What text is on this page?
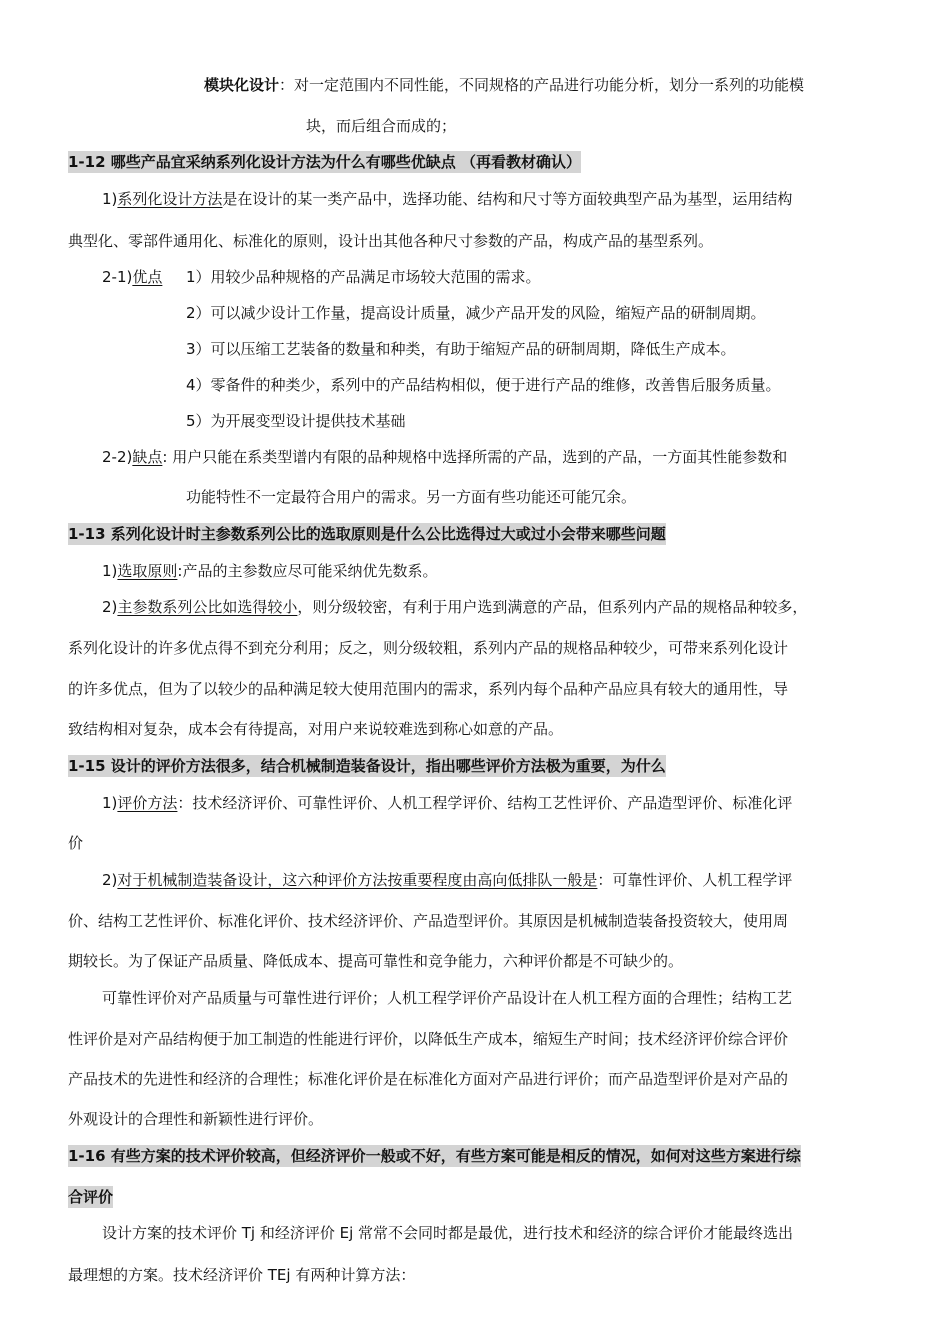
模块化设计：对一定范围内不同性能，不同规格的产品进行功能分析，划分一系列的功能模
块，而后组合而成的；
1-12 哪些产品宜采纳系列化设计方法为什么有哪些优缺点 （再看教材确认）
1)系列化设计方法是在设计的某一类产品中，选择功能、结构和尺寸等方面较典型产品为基型，运用结构
典型化、零部件通用化、标准化的原则，设计出其他各种尺寸参数的产品，构成产品的基型系列。
2-1)优点 1）用较少品种规格的产品满足市场较大范围的需求。
2）可以减少设计工作量，提高设计质量，减少产品开发的风险，缩短产品的研制周期。
3）可以压缩工艺装备的数量和种类，有助于缩短产品的研制周期，降低生产成本。
4）零备件的种类少，系列中的产品结构相似，便于进行产品的维修，改善售后服务质量。
5）为开展变型设计提供技术基础
2-2)缺点: 用户只能在系类型谱内有限的品种规格中选择所需的产品，选到的产品，一方面其性能参数和
功能特性不一定最符合用户的需求。另一方面有些功能还可能冗余。
1-13 系列化设计时主参数系列公比的选取原则是什么公比选得过大或过小会带来哪些问题
1)选取原则:产品的主参数应尽可能采纳优先数系。
2)主参数系列公比如选得较小，则分级较密，有利于用户选到满意的产品，但系列内产品的规格品种较多，
系列化设计的许多优点得不到充分利用；反之，则分级较粗，系列内产品的规格品种较少，可带来系列化设计
的许多优点，但为了以较少的品种满足较大使用范围内的需求，系列内每个品种产品应具有较大的通用性，导
致结构相对复杂，成本会有待提高，对用户来说较难选到称心如意的产品。
1-15 设计的评价方法很多，结合机械制造装备设计，指出哪些评价方法极为重要，为什么
1)评价方法：技术经济评价、可靠性评价、人机工程学评价、结构工艺性评价、产品造型评价、标准化评
价
2)对于机械制造装备设计，这六种评价方法按重要程度由高向低排队一般是：可靠性评价、人机工程学评
价、结构工艺性评价、标准化评价、技术经济评价、产品造型评价。其原因是机械制造装备投资较大，使用周
期较长。为了保证产品质量、降低成本、提高可靠性和竞争能力，六种评价都是不可缺少的。
可靠性评价对产品质量与可靠性进行评价；人机工程学评价产品设计在人机工程方面的合理性；结构工艺
性评价是对产品结构便于加工制造的性能进行评价，以降低生产成本，缩短生产时间；技术经济评价综合评价
产品技术的先进性和经济的合理性；标准化评价是在标准化方面对产品进行评价；而产品造型评价是对产品的
外观设计的合理性和新颖性进行评价。
1-16 有些方案的技术评价较高，但经济评价一般或不好，有些方案可能是相反的情况，如何对这些方案进行综
合评价
设计方案的技术评价 Tj 和经济评价 Ej 常常不会同时都是最优，进行技术和经济的综合评价才能最终选出
最理想的方案。技术经济评价 TEj 有两种计算方法：
